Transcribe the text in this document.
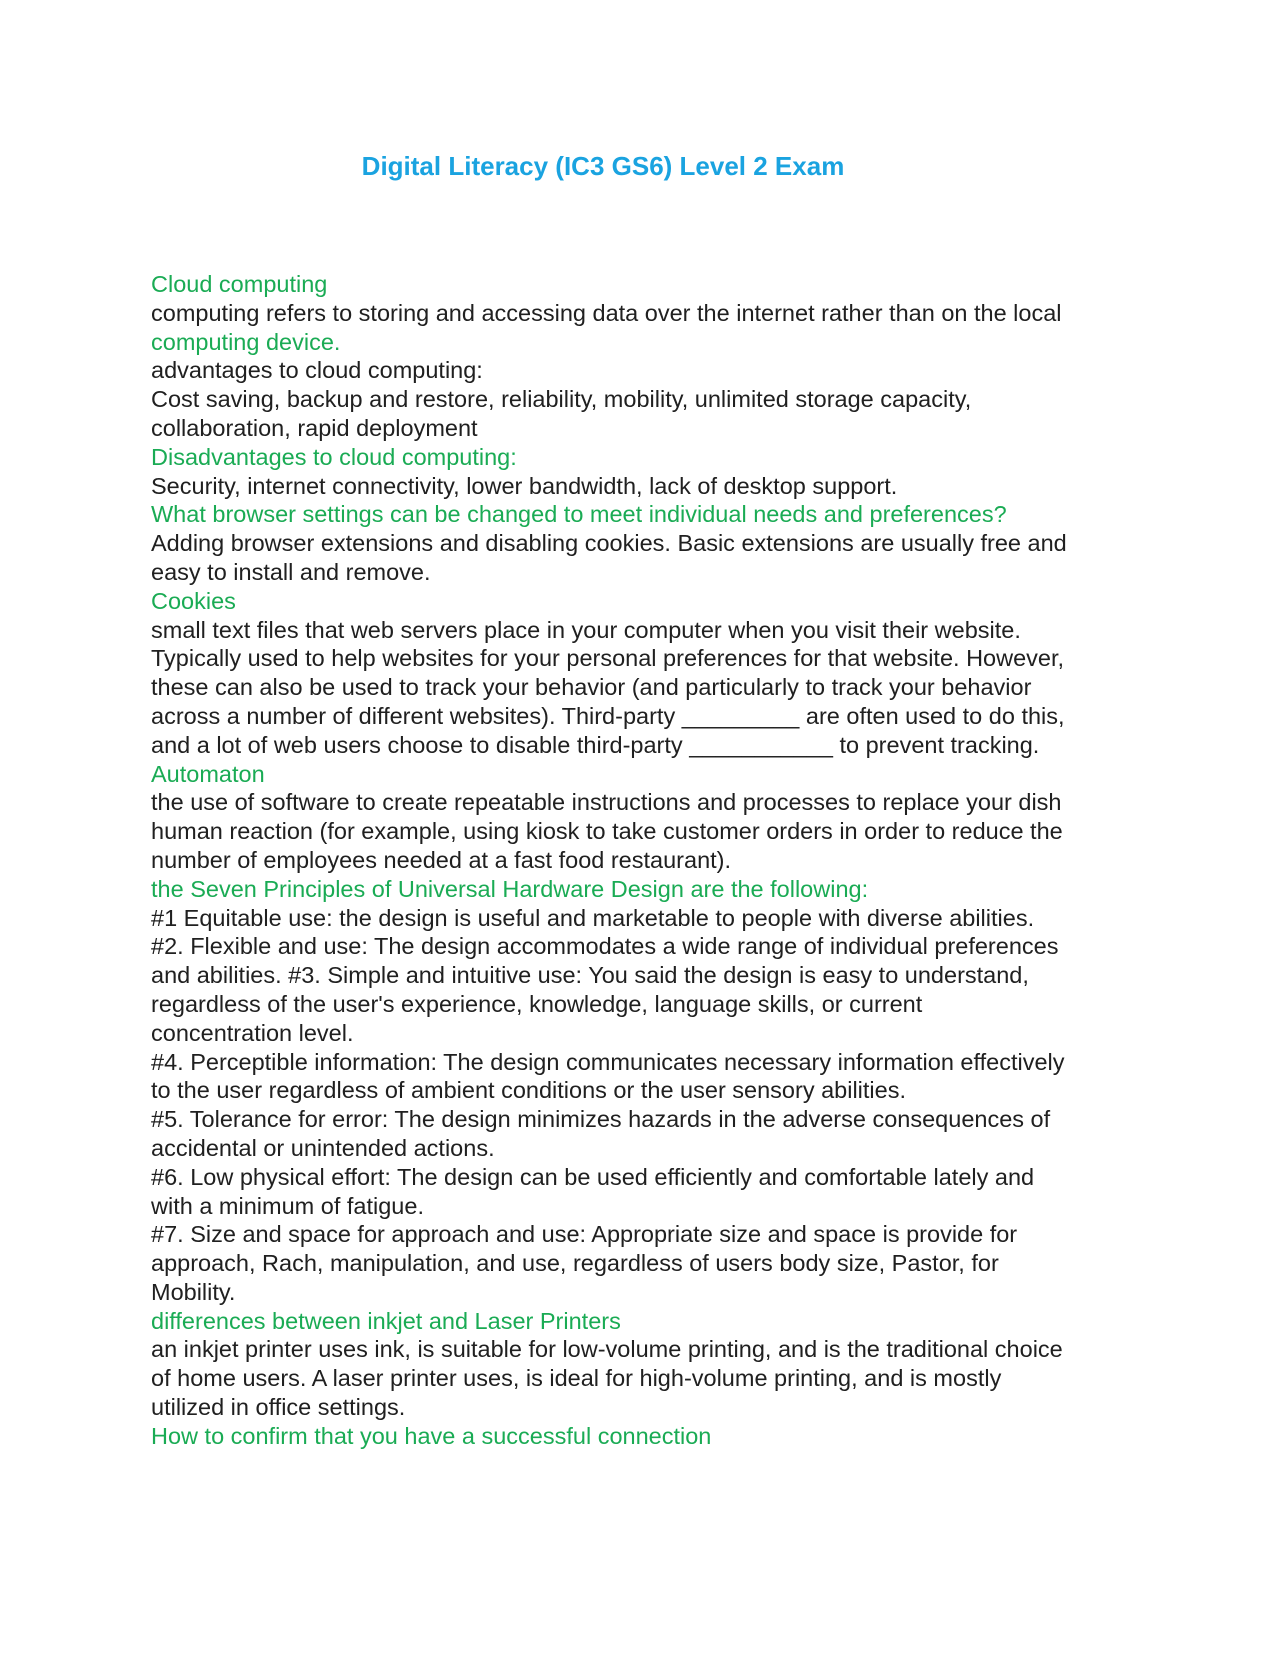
Digital Literacy (IC3 GS6) Level 2 Exam
Cloud computing
computing refers to storing and accessing data over the internet rather than on the local
computing device.
advantages to cloud computing:
Cost saving, backup and restore, reliability, mobility, unlimited storage capacity,
collaboration, rapid deployment
Disadvantages to cloud computing:
Security, internet connectivity, lower bandwidth, lack of desktop support.
What browser settings can be changed to meet individual needs and preferences?
Adding browser extensions and disabling cookies. Basic extensions are usually free and
easy to install and remove.
Cookies
small text files that web servers place in your computer when you visit their website.
Typically used to help websites for your personal preferences for that website. However,
these can also be used to track your behavior (and particularly to track your behavior
across a number of different websites). Third-party _________ are often used to do this,
and a lot of web users choose to disable third-party ___________ to prevent tracking.
Automaton
the use of software to create repeatable instructions and processes to replace your dish
human reaction (for example, using kiosk to take customer orders in order to reduce the
number of employees needed at a fast food restaurant).
the Seven Principles of Universal Hardware Design are the following:
#1 Equitable use: the design is useful and marketable to people with diverse abilities.
#2. Flexible and use: The design accommodates a wide range of individual preferences
and abilities. #3. Simple and intuitive use: You said the design is easy to understand,
regardless of the user's experience, knowledge, language skills, or current
concentration level.
#4. Perceptible information: The design communicates necessary information effectively
to the user regardless of ambient conditions or the user sensory abilities.
#5. Tolerance for error: The design minimizes hazards in the adverse consequences of
accidental or unintended actions.
#6. Low physical effort: The design can be used efficiently and comfortable lately and
with a minimum of fatigue.
#7. Size and space for approach and use: Appropriate size and space is provide for
approach, Rach, manipulation, and use, regardless of users body size, Pastor, for
Mobility.
differences between inkjet and Laser Printers
an inkjet printer uses ink, is suitable for low-volume printing, and is the traditional choice
of home users. A laser printer uses, is ideal for high-volume printing, and is mostly
utilized in office settings.
How to confirm that you have a successful connection
